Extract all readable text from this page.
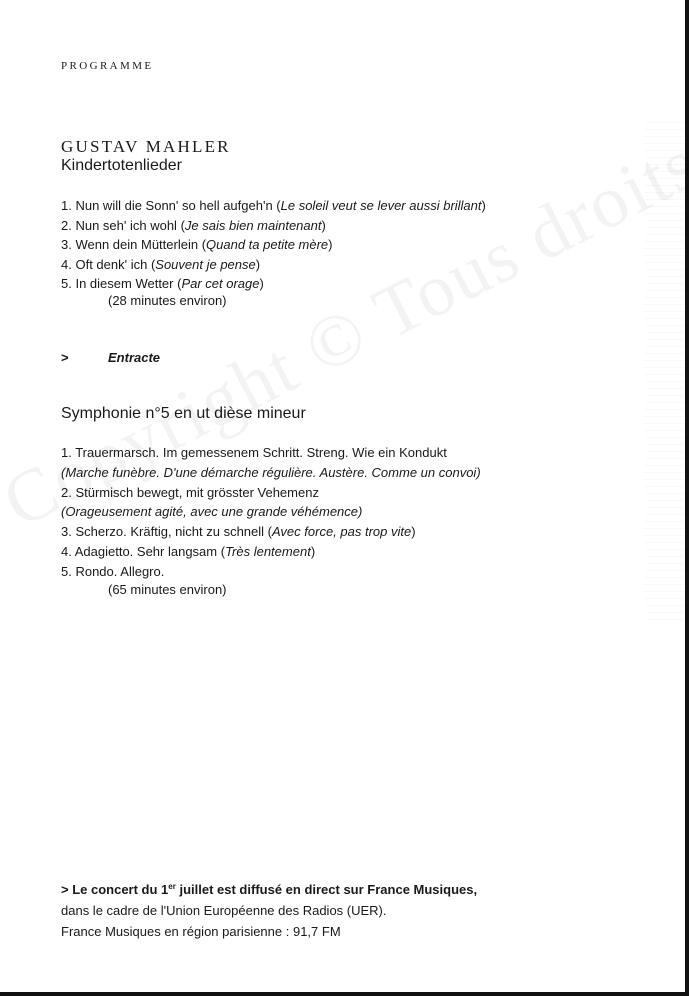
PROGRAMME
GUSTAV MAHLER
Kindertotenlieder
1. Nun will die Sonn' so hell aufgeh'n (Le soleil veut se lever aussi brillant)
2. Nun seh' ich wohl (Je sais bien maintenant)
3. Wenn dein Mütterlein (Quand ta petite mère)
4. Oft denk' ich (Souvent je pense)
5. In diesem Wetter (Par cet orage)
(28 minutes environ)
>	Entracte
Symphonie n°5 en ut dièse mineur
1. Trauermarsch. Im gemessenem Schritt. Streng. Wie ein Kondukt
(Marche funèbre. D'une démarche régulière. Austère. Comme un convoi)
2. Stürmisch bewegt, mit grösster Vehemenz
(Orageusement agité, avec une grande véhémence)
3. Scherzo. Kräftig, nicht zu schnell (Avec force, pas trop vite)
4. Adagietto. Sehr langsam (Très lentement)
5. Rondo. Allegro.
(65 minutes environ)
> Le concert du 1er juillet est diffusé en direct sur France Musiques,
dans le cadre de l'Union Européenne des Radios (UER).
France Musiques en région parisienne : 91,7 FM
